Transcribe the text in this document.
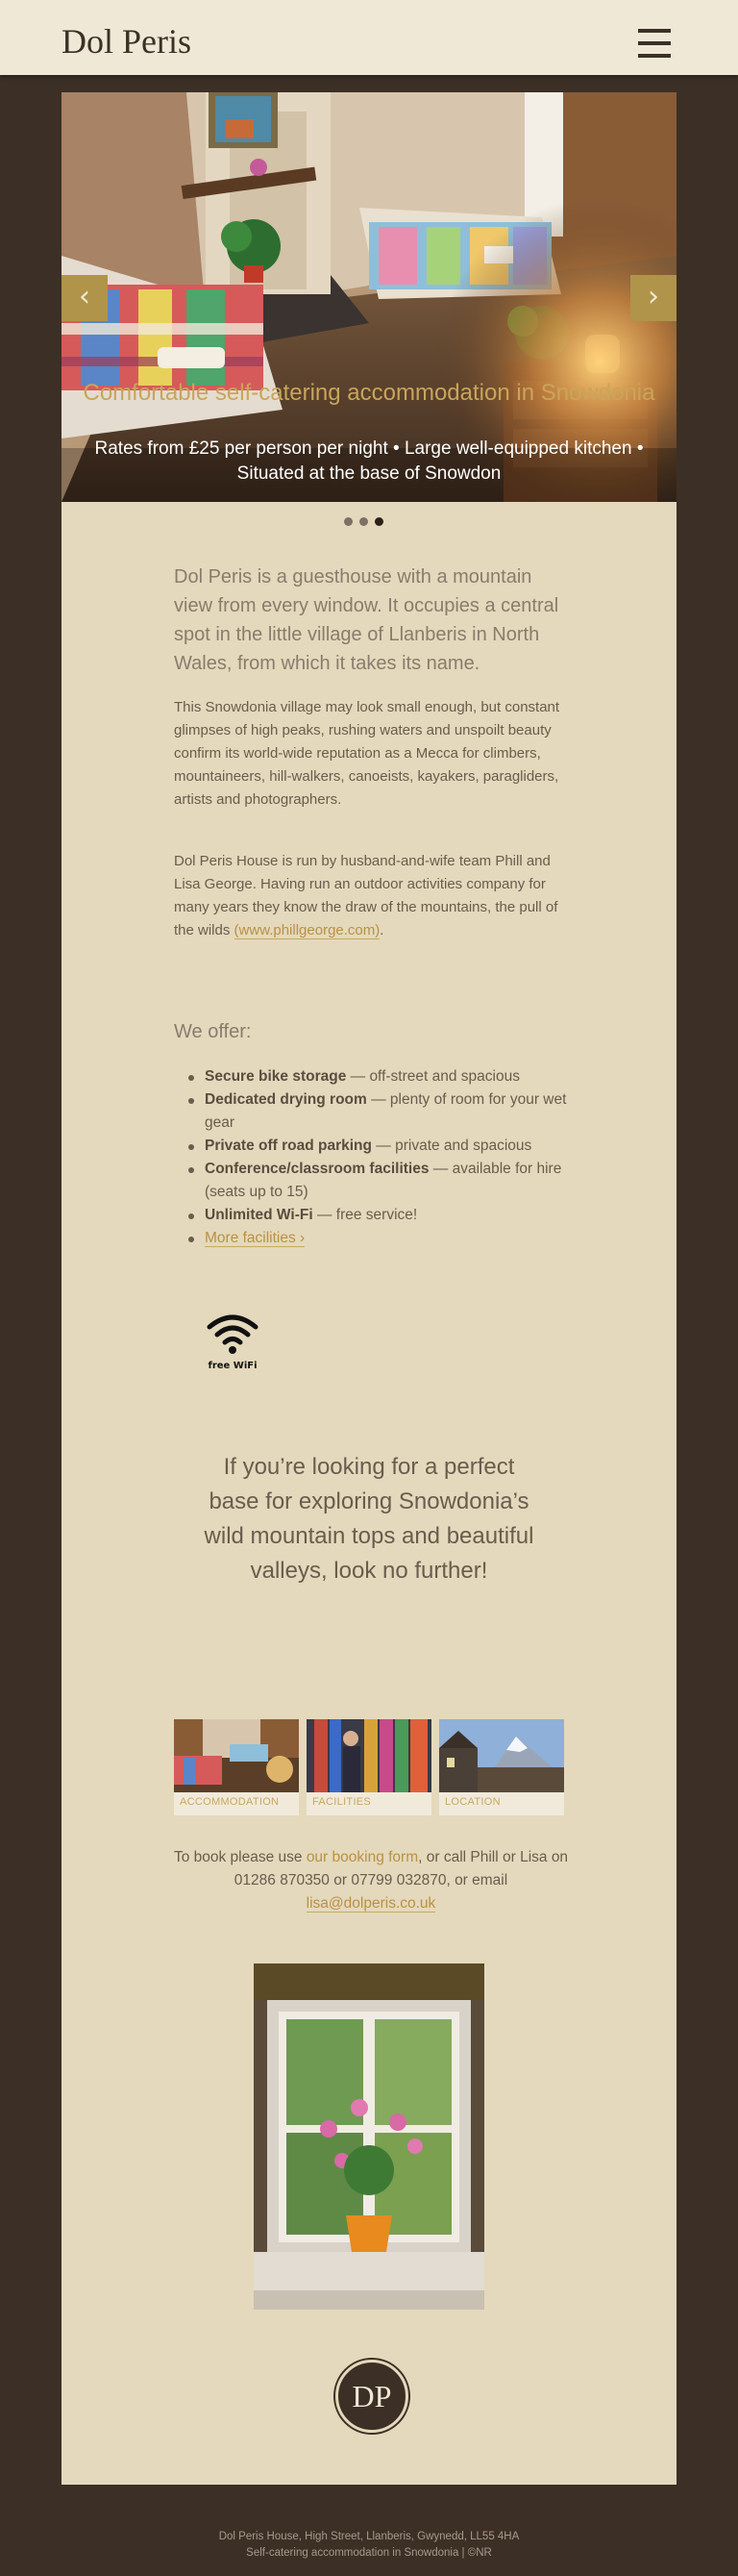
Dol Peris
‹	›
Comfortable self-catering accommodation in Snowdonia
Rates from £25 per person per night • Large well-equipped kitchen • Situated at the base of Snowdon
Dol Peris is a guesthouse with a mountain view from every window. It occupies a central spot in the little village of Llanberis in North Wales, from which it takes its name.
This Snowdonia village may look small enough, but constant glimpses of high peaks, rushing waters and unspoilt beauty confirm its world-wide reputation as a Mecca for climbers, mountaineers, hill-walkers, canoeists, kayakers, paragliders, artists and photographers.
Dol Peris House is run by husband-and-wife team Phill and Lisa George. Having run an outdoor activities company for many years they know the draw of the mountains, the pull of the wilds (www.phillgeorge.com).
We offer:
Secure bike storage — off-street and spacious
Dedicated drying room — plenty of room for your wet gear
Private off road parking — private and spacious
Conference/classroom facilities — available for hire (seats up to 15)
Unlimited Wi-Fi — free service!
More facilities ›
free WiFi
If you’re looking for a perfect base for exploring Snowdonia’s wild mountain tops and beautiful valleys, look no further!
ACCOMMODATION	FACILITIES	LOCATION
To book please use our booking form, or call Phill or Lisa on 01286 870350 or 07799 032870, or email lisa@dolperis.co.uk
DP
Dol Peris House, High Street, Llanberis, Gwynedd, LL55 4HA
Self-catering accommodation in Snowdonia | ©NR
